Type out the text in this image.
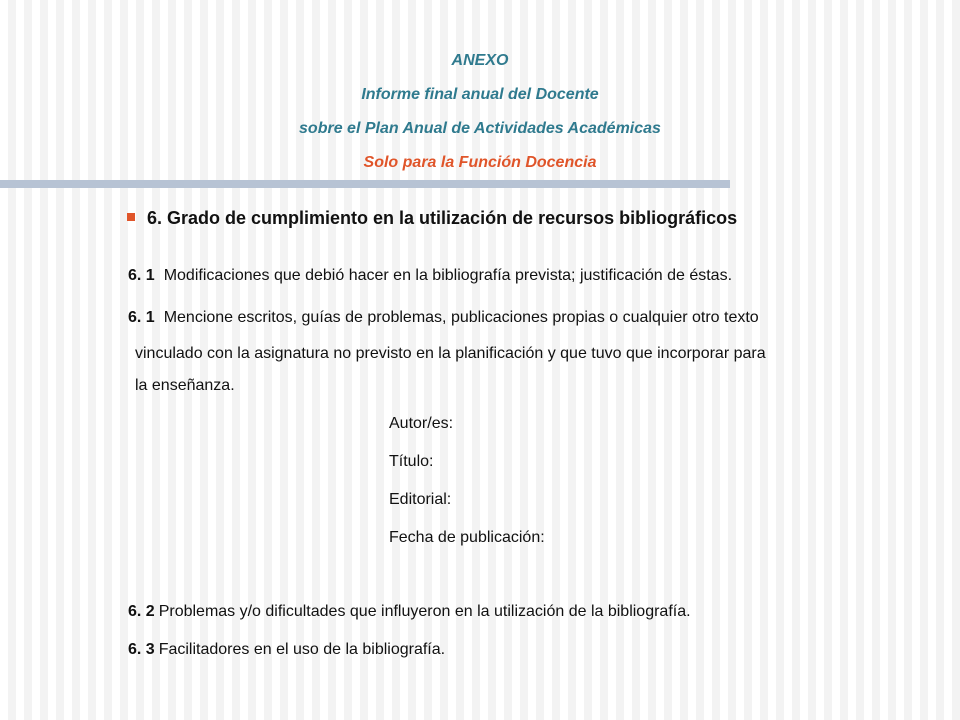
ANEXO
Informe final anual del Docente
sobre el Plan Anual de Actividades Académicas
Solo para la Función Docencia
6. Grado de cumplimiento en la utilización de recursos bibliográficos
6. 1 Modificaciones que debió hacer en la bibliografía prevista; justificación de éstas.
6. 1 Mencione escritos, guías de problemas, publicaciones propias o cualquier otro texto
vinculado con la asignatura no previsto en la planificación y que tuvo que incorporar para
la enseñanza.
Autor/es:
Título:
Editorial:
Fecha de publicación:
6. 2 Problemas y/o dificultades que influyeron en la utilización de la bibliografía.
6. 3 Facilitadores en el uso de la bibliografía.
